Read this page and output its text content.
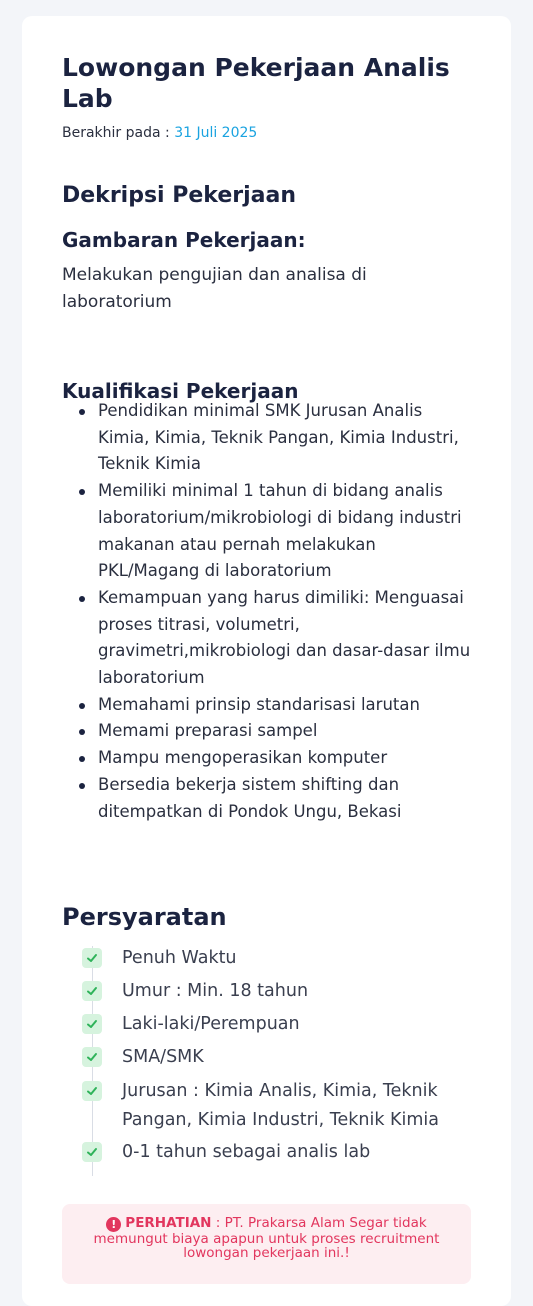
Lowongan Pekerjaan Analis Lab
Berakhir pada : 31 Juli 2025
Dekripsi Pekerjaan
Gambaran Pekerjaan:

Melakukan pengujian dan analisa di laboratorium

Kualifikasi Pekerjaan
Pendidikan minimal SMK Jurusan Analis Kimia, Kimia, Teknik Pangan, Kimia Industri, Teknik Kimia
Memiliki minimal 1 tahun di bidang analis laboratorium/mikrobiologi di bidang industri makanan atau pernah melakukan PKL/Magang di laboratorium
Kemampuan yang harus dimiliki: Menguasai proses titrasi, volumetri, gravimetri,mikrobiologi dan dasar-dasar ilmu laboratorium
Memahami prinsip standarisasi larutan
Memami preparasi sampel
Mampu mengoperasikan komputer
Bersedia bekerja sistem shifting dan ditempatkan di Pondok Ungu, Bekasi
Persyaratan
Penuh Waktu
Umur : Min. 18 tahun
Laki-laki/Perempuan
SMA/SMK
Jurusan : Kimia Analis, Kimia, Teknik Pangan, Kimia Industri, Teknik Kimia
0-1 tahun sebagai analis lab
! PERHATIAN : PT. Prakarsa Alam Segar tidak memungut biaya apapun untuk proses recruitment lowongan pekerjaan ini.!
